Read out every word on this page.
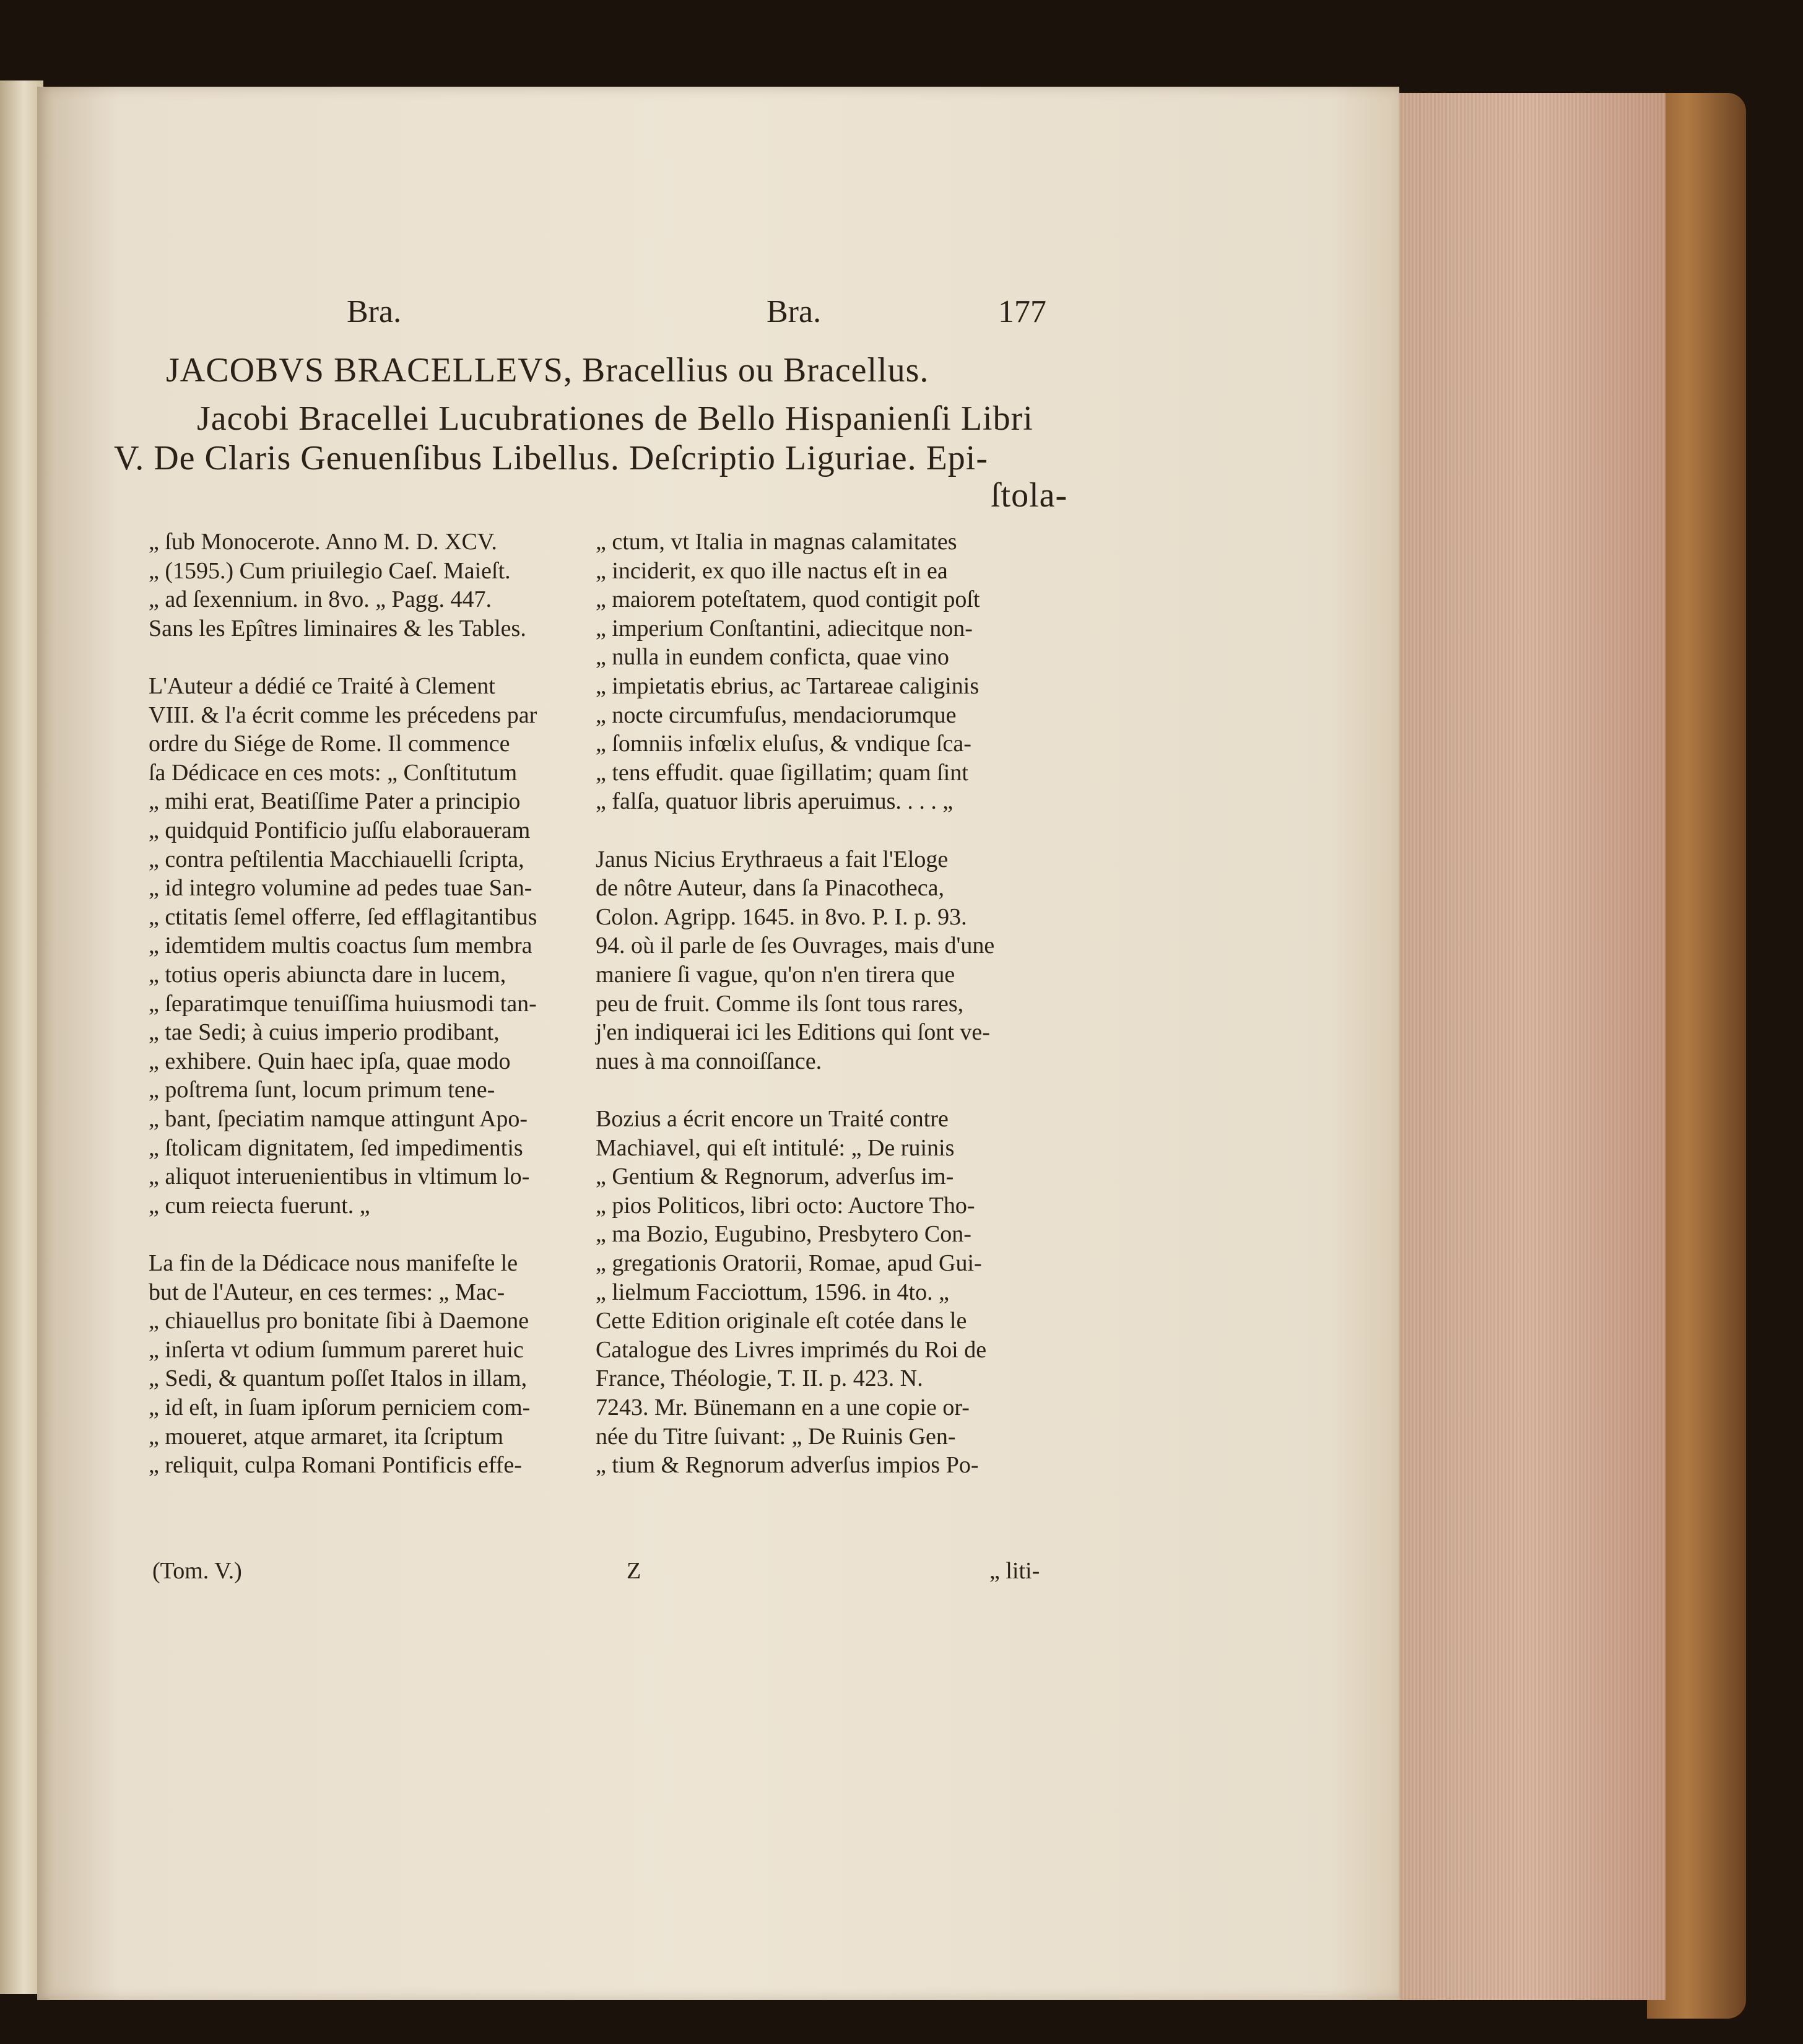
Bra.	Bra.	177
JACOBVS BRACELLEVS, Bracellius ou Bracellus.
Jacobi Bracellei Lucubrationes de Bello Hispanienſi Libri
V. De Claris Genuenſibus Libellus. Deſcriptio Liguriae. Epi-
ſtola-
„ ſub Monocerote. Anno M. D. XCV.
„ (1595.) Cum priuilegio Caeſ. Maieſt.
„ ad ſexennium. in 8vo. „ Pagg. 447.
Sans les Epîtres liminaires & les Tables.
L'Auteur a dédié ce Traité à Clement
VIII. & l'a écrit comme les précedens par
ordre du Siége de Rome. Il commence
ſa Dédicace en ces mots: „ Conſtitutum
„ mihi erat, Beatiſſime Pater a principio
„ quidquid Pontificio juſſu elaboraueram
„ contra peſtilentia Macchiauelli ſcripta,
„ id integro volumine ad pedes tuae San-
„ ctitatis ſemel offerre, ſed efflagitantibus
„ idemtidem multis coactus ſum membra
„ totius operis abiuncta dare in lucem,
„ ſeparatimque tenuiſſima huiusmodi tan-
„ tae Sedi; à cuius imperio prodibant,
„ exhibere. Quin haec ipſa, quae modo
„ poſtrema ſunt, locum primum tene-
„ bant, ſpeciatim namque attingunt Apo-
„ ſtolicam dignitatem, ſed impedimentis
„ aliquot interuenientibus in vltimum lo-
„ cum reiecta fuerunt. „
La fin de la Dédicace nous manifeſte le
but de l'Auteur, en ces termes: „ Mac-
„ chiauellus pro bonitate ſibi à Daemone
„ inſerta vt odium ſummum pareret huic
„ Sedi, & quantum poſſet Italos in illam,
„ id eſt, in ſuam ipſorum perniciem com-
„ moueret, atque armaret, ita ſcriptum
„ reliquit, culpa Romani Pontificis effe-
„ ctum, vt Italia in magnas calamitates
„ inciderit, ex quo ille nactus eſt in ea
„ maiorem poteſtatem, quod contigit poſt
„ imperium Conſtantini, adiecitque non-
„ nulla in eundem conficta, quae vino
„ impietatis ebrius, ac Tartareae caliginis
„ nocte circumfuſus, mendaciorumque
„ ſomniis infœlix eluſus, & vndique ſca-
„ tens effudit. quae ſigillatim; quam ſint
„ falſa, quatuor libris aperuimus. . . . „
Janus Nicius Erythraeus a fait l'Eloge
de nôtre Auteur, dans ſa Pinacotheca,
Colon. Agripp. 1645. in 8vo. P. I. p. 93.
94. où il parle de ſes Ouvrages, mais d'une
maniere ſi vague, qu'on n'en tirera que
peu de fruit. Comme ils ſont tous rares,
j'en indiquerai ici les Editions qui ſont ve-
nues à ma connoiſſance.
Bozius a écrit encore un Traité contre
Machiavel, qui eſt intitulé: „ De ruinis
„ Gentium & Regnorum, adverſus im-
„ pios Politicos, libri octo: Auctore Tho-
„ ma Bozio, Eugubino, Presbytero Con-
„ gregationis Oratorii, Romae, apud Gui-
„ lielmum Facciottum, 1596. in 4to. „
Cette Edition originale eſt cotée dans le
Catalogue des Livres imprimés du Roi de
France, Théologie, T. II. p. 423. N.
7243. Mr. Bünemann en a une copie or-
née du Titre ſuivant: „ De Ruinis Gen-
„ tium & Regnorum adverſus impios Po-
(Tom. V.)	Z	„ liti-
